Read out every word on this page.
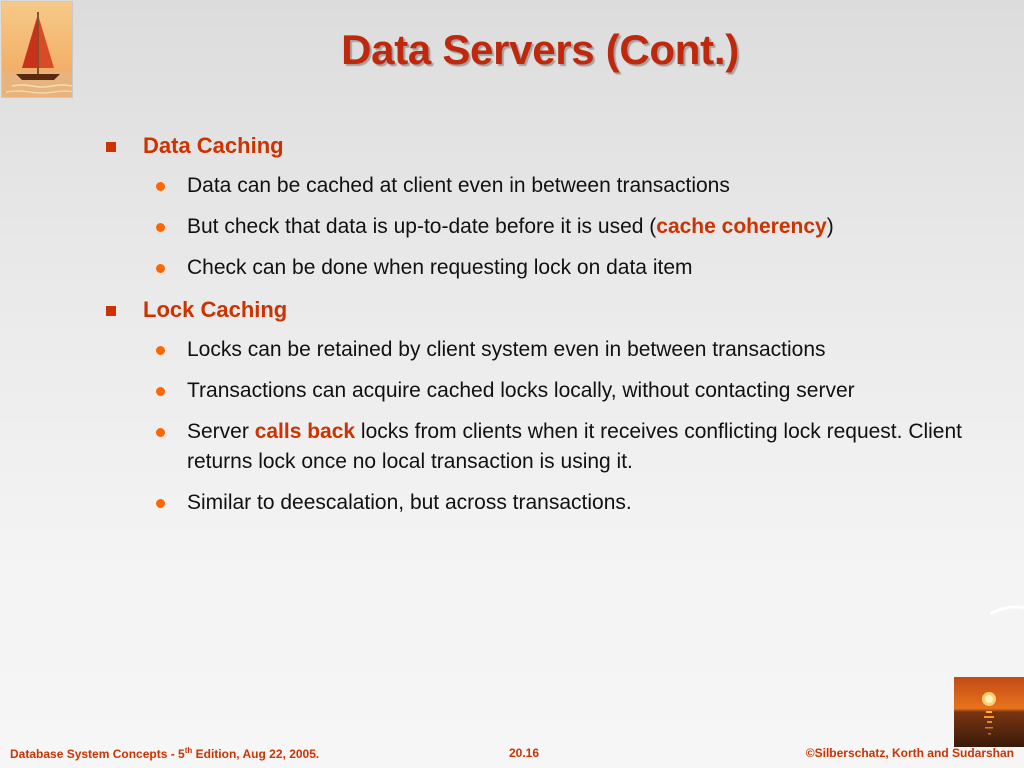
Data Servers (Cont.)
Data Caching
Data can be cached at client even in between transactions
But check that data is up-to-date before it is used (cache coherency)
Check can be done when requesting lock on data item
Lock Caching
Locks can be retained by client system even in between transactions
Transactions can acquire cached locks locally, without contacting server
Server calls back locks from clients when it receives conflicting lock request. Client returns lock once no local transaction is using it.
Similar to deescalation, but across transactions.
Database System Concepts - 5th Edition, Aug 22, 2005.	20.16	©Silberschatz, Korth and Sudarshan
